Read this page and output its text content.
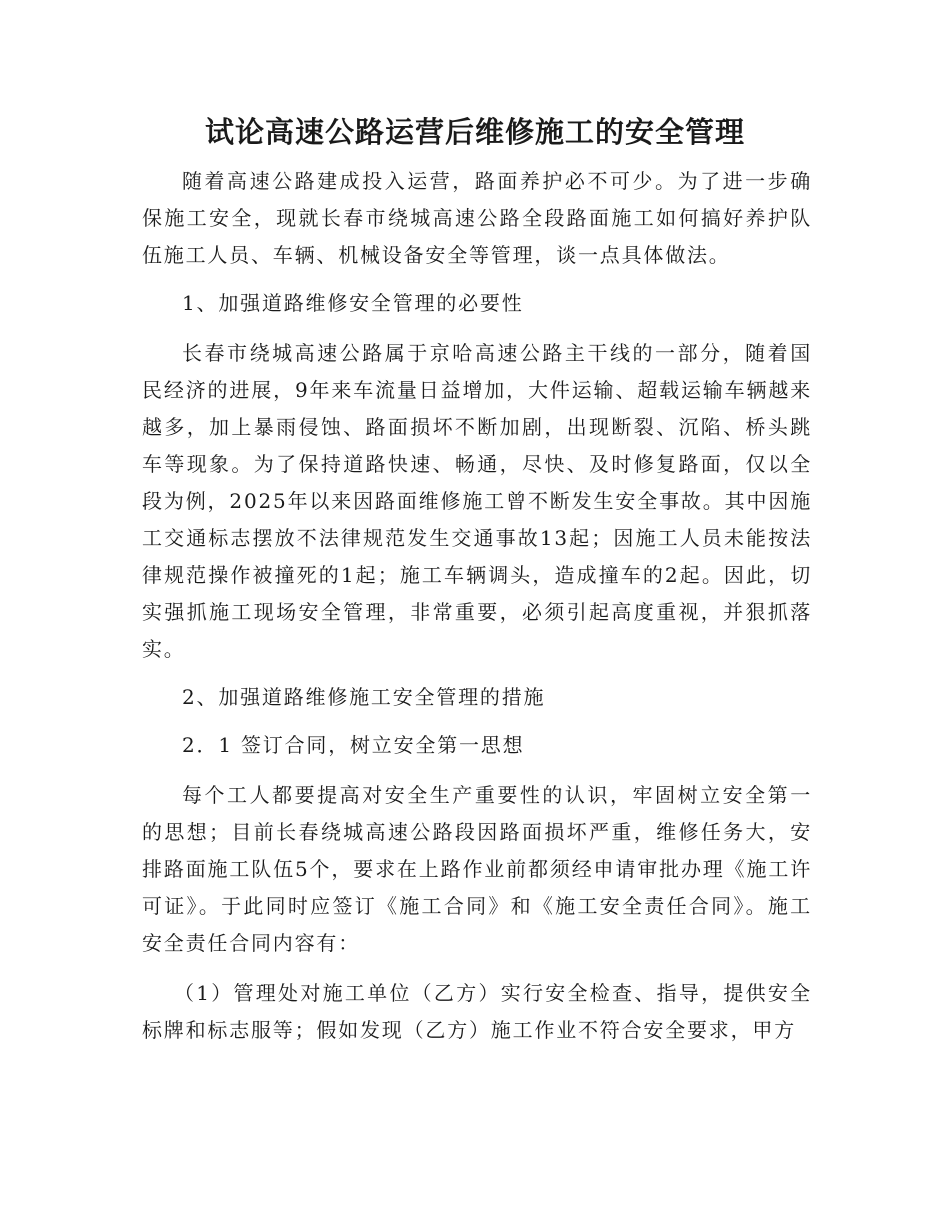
试论高速公路运营后维修施工的安全管理

随着高速公路建成投入运营，路面养护必不可少。为了进一步确保施工安全，现就长春市绕城高速公路全段路面施工如何搞好养护队伍施工人员、车辆、机械设备安全等管理，谈一点具体做法。

1、加强道路维修安全管理的必要性

长春市绕城高速公路属于京哈高速公路主干线的一部分，随着国民经济的进展，9年来车流量日益增加，大件运输、超载运输车辆越来越多，加上暴雨侵蚀、路面损坏不断加剧，出现断裂、沉陷、桥头跳车等现象。为了保持道路快速、畅通，尽快、及时修复路面，仅以全段为例，2025年以来因路面维修施工曾不断发生安全事故。其中因施工交通标志摆放不法律规范发生交通事故13起；因施工人员未能按法律规范操作被撞死的1起；施工车辆调头，造成撞车的2起。因此，切实强抓施工现场安全管理，非常重要，必须引起高度重视，并狠抓落实。

2、加强道路维修施工安全管理的措施

2．1 签订合同，树立安全第一思想

每个工人都要提高对安全生产重要性的认识，牢固树立安全第一的思想；目前长春绕城高速公路段因路面损坏严重，维修任务大，安排路面施工队伍5个，要求在上路作业前都须经申请审批办理《施工许可证》。于此同时应签订《施工合同》和《施工安全责任合同》。施工安全责任合同内容有：

（1）管理处对施工单位（乙方）实行安全检查、指导，提供安全标牌和标志服等；假如发现（乙方）施工作业不符合安全要求，甲方
